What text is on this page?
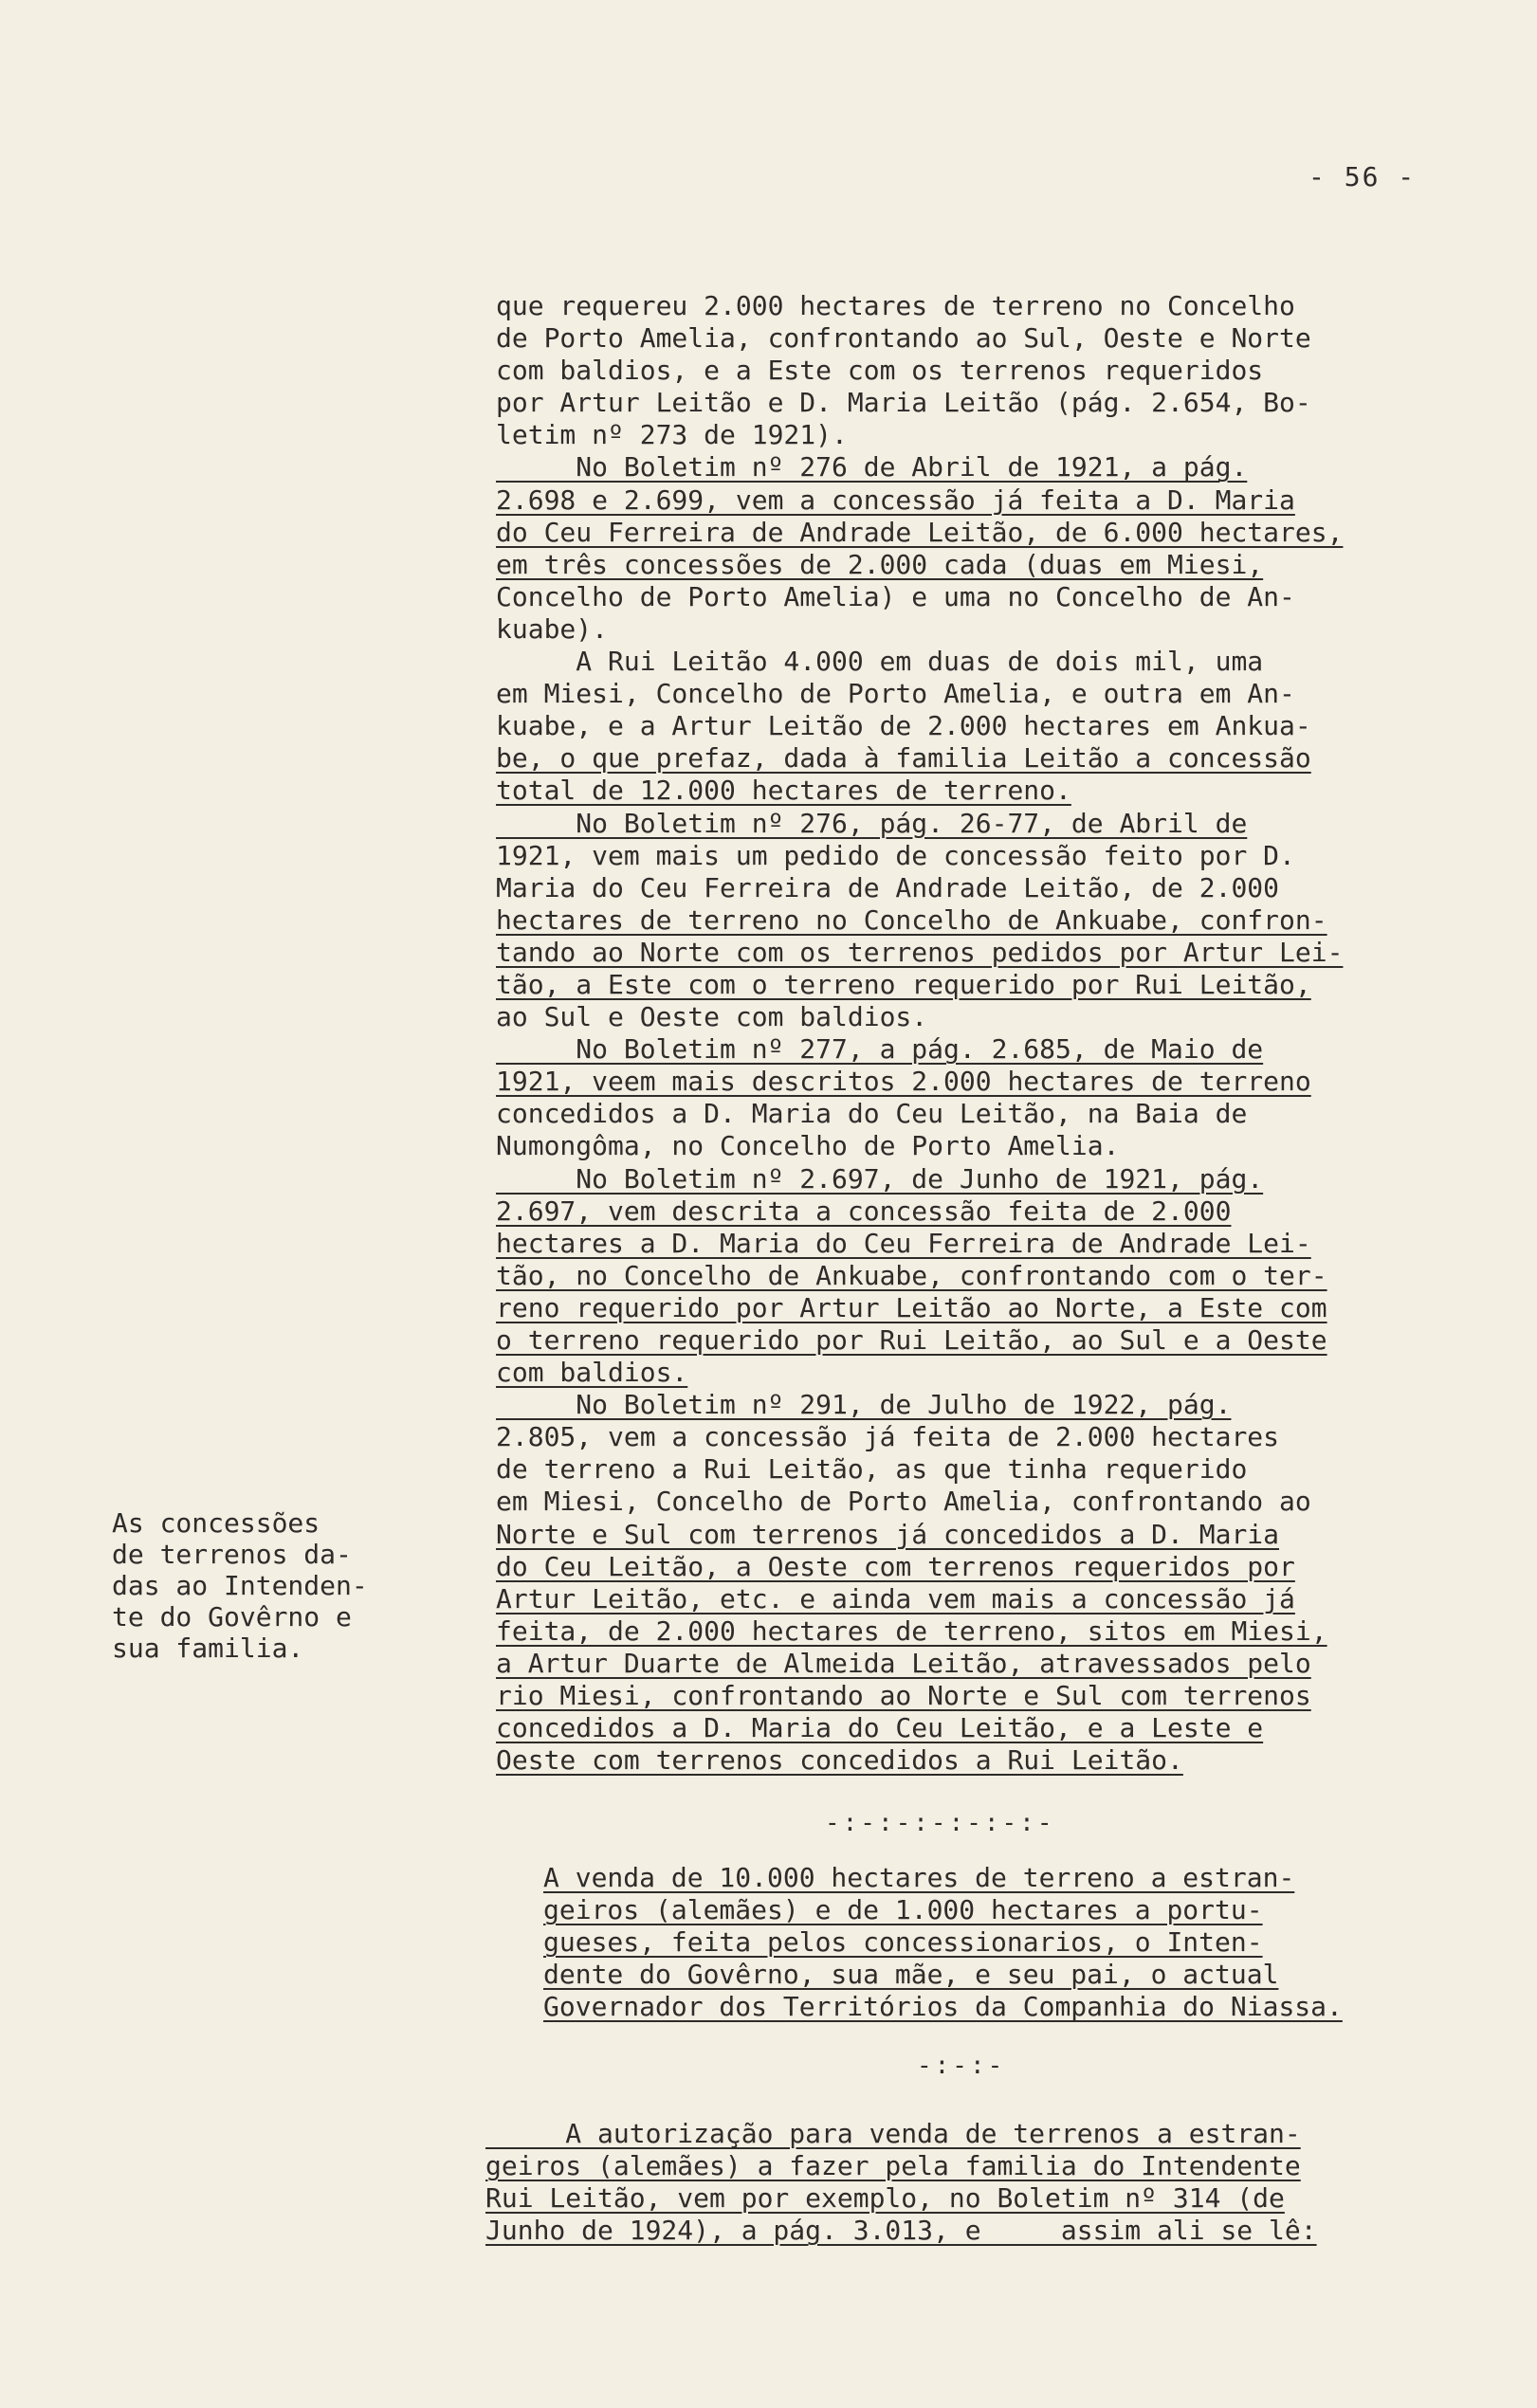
- 56 -
que requereu 2.000 hectares de terreno no Concelho
de Porto Amelia, confrontando ao Sul, Oeste e Norte
com baldios, e a Este com os terrenos requeridos
por Artur Leitão e D. Maria Leitão (pág. 2.654, Bo-
letim nº 273 de 1921).
No Boletim nº 276 de Abril de 1921, a pág.
2.698 e 2.699, vem a concessão já feita a D. Maria
do Ceu Ferreira de Andrade Leitão, de 6.000 hectares,
em três concessões de 2.000 cada (duas em Miesi,
Concelho de Porto Amelia) e uma no Concelho de An-
kuabe).
A Rui Leitão 4.000 em duas de dois mil, uma
em Miesi, Concelho de Porto Amelia, e outra em An-
kuabe, e a Artur Leitão de 2.000 hectares em Ankua-
be, o que prefaz, dada à familia Leitão a concessão
total de 12.000 hectares de terreno.
No Boletim nº 276, pág. 26-77, de Abril de
1921, vem mais um pedido de concessão feito por D.
Maria do Ceu Ferreira de Andrade Leitão, de 2.000
hectares de terreno no Concelho de Ankuabe, confron-
tando ao Norte com os terrenos pedidos por Artur Lei-
tão, a Este com o terreno requerido por Rui Leitão,
ao Sul e Oeste com baldios.
No Boletim nº 277, a pág. 2.685, de Maio de
1921, veem mais descritos 2.000 hectares de terreno
concedidos a D. Maria do Ceu Leitão, na Baia de
Numongôma, no Concelho de Porto Amelia.
No Boletim nº 2.697, de Junho de 1921, pág.
2.697, vem descrita a concessão feita de 2.000
hectares a D. Maria do Ceu Ferreira de Andrade Lei-
tão, no Concelho de Ankuabe, confrontando com o ter-
reno requerido por Artur Leitão ao Norte, a Este com
o terreno requerido por Rui Leitão, ao Sul e a Oeste
com baldios.
No Boletim nº 291, de Julho de 1922, pág.
2.805, vem a concessão já feita de 2.000 hectares
de terreno a Rui Leitão, as que tinha requerido
em Miesi, Concelho de Porto Amelia, confrontando ao
Norte e Sul com terrenos já concedidos a D. Maria
do Ceu Leitão, a Oeste com terrenos requeridos por
Artur Leitão, etc. e ainda vem mais a concessão já
feita, de 2.000 hectares de terreno, sitos em Miesi,
a Artur Duarte de Almeida Leitão, atravessados pelo
rio Miesi, confrontando ao Norte e Sul com terrenos
concedidos a D. Maria do Ceu Leitão, e a Leste e
Oeste com terrenos concedidos a Rui Leitão.
As concessões
de terrenos da-
das ao Intenden-
te do Govêrno e
sua familia.
-:-:-:-:-:-:-
A venda de 10.000 hectares de terreno a estran-
geiros (alemães) e de 1.000 hectares a portu-
gueses, feita pelos concessionarios, o Inten-
dente do Govêrno, sua mãe, e seu pai, o actual
Governador dos Territórios da Companhia do Niassa.
-:-:-
A autorização para venda de terrenos a estran-
geiros (alemães) a fazer pela familia do Intendente
Rui Leitão, vem por exemplo, no Boletim nº 314 (de
Junho de 1924), a pág. 3.013, e     assim ali se lê:
